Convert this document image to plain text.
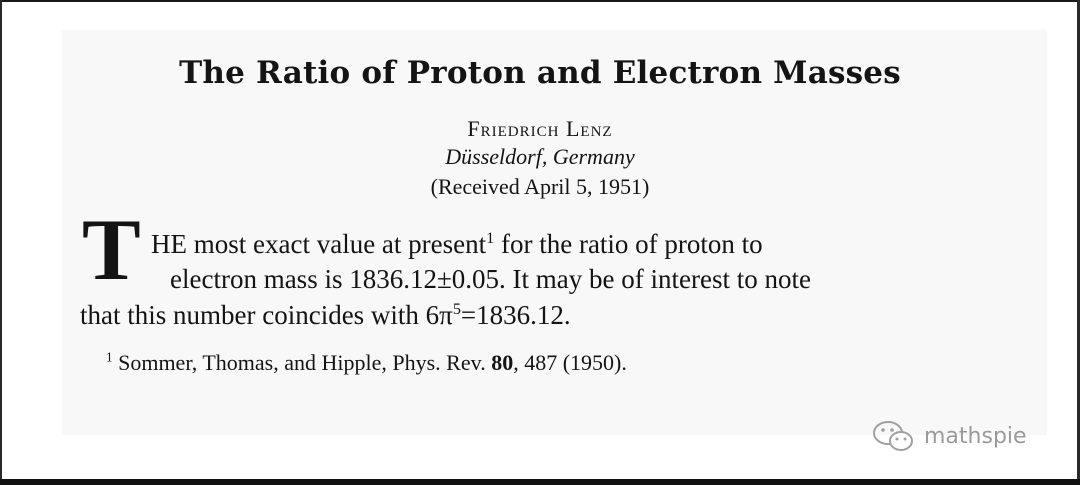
The Ratio of Proton and Electron Masses
Friedrich Lenz
Düsseldorf, Germany
(Received April 5, 1951)
T HE most exact value at present$^1$ for the ratio of proton to
electron mass is 1836.12±0.05. It may be of interest to note
that this number coincides with $6\pi^5=1836.12$.
$^1$ Sommer, Thomas, and Hipple, Phys. Rev. 80, 487 (1950).
mathspie
